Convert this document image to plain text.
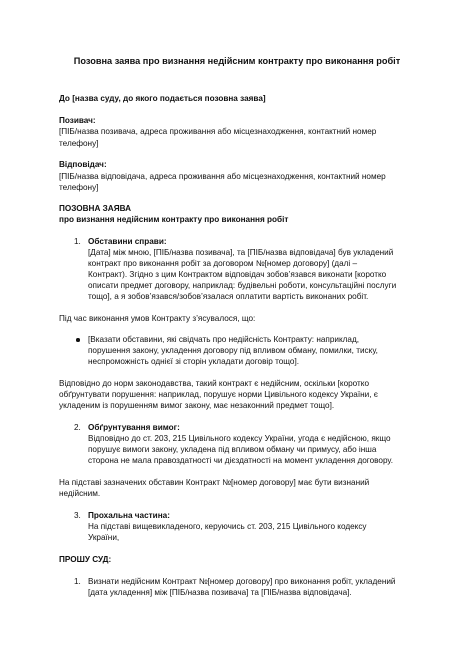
Позовна заява про визнання недійсним контракту про виконання робіт
До [назва суду, до якого подається позовна заява]
Позивач:
[ПІБ/назва позивача, адреса проживання або місцезнаходження, контактний номер
телефону]
Відповідач:
[ПІБ/назва відповідача, адреса проживання або місцезнаходження, контактний номер
телефону]
ПОЗОВНА ЗАЯВА
про визнання недійсним контракту про виконання робіт
1. Обставини справи:
[Дата] між мною, [ПІБ/назва позивача], та [ПІБ/назва відповідача] був укладений
контракт про виконання робіт за договором №[номер договору] (далі –
Контракт). Згідно з цим Контрактом відповідач зобов’язався виконати [коротко
описати предмет договору, наприклад: будівельні роботи, консультаційні послуги
тощо], а я зобов’язався/зобов’язалася оплатити вартість виконаних робіт.
Під час виконання умов Контракту з’ясувалося, що:
[Вказати обставини, які свідчать про недійсність Контракту: наприклад,
порушення закону, укладення договору під впливом обману, помилки, тиску,
неспроможність однієї зі сторін укладати договір тощо].
Відповідно до норм законодавства, такий контракт є недійсним, оскільки [коротко
обґрунтувати порушення: наприклад, порушує норми Цивільного кодексу України, є
укладеним із порушенням вимог закону, має незаконний предмет тощо].
2. Обґрунтування вимог:
Відповідно до ст. 203, 215 Цивільного кодексу України, угода є недійсною, якщо
порушує вимоги закону, укладена під впливом обману чи примусу, або інша
сторона не мала правоздатності чи дієздатності на момент укладення договору.
На підставі зазначених обставин Контракт №[номер договору] має бути визнаний
недійсним.
3. Прохальна частина:
На підставі вищевикладеного, керуючись ст. 203, 215 Цивільного кодексу
України,
ПРОШУ СУД:
1. Визнати недійсним Контракт №[номер договору] про виконання робіт, укладений
[дата укладення] між [ПІБ/назва позивача] та [ПІБ/назва відповідача].
